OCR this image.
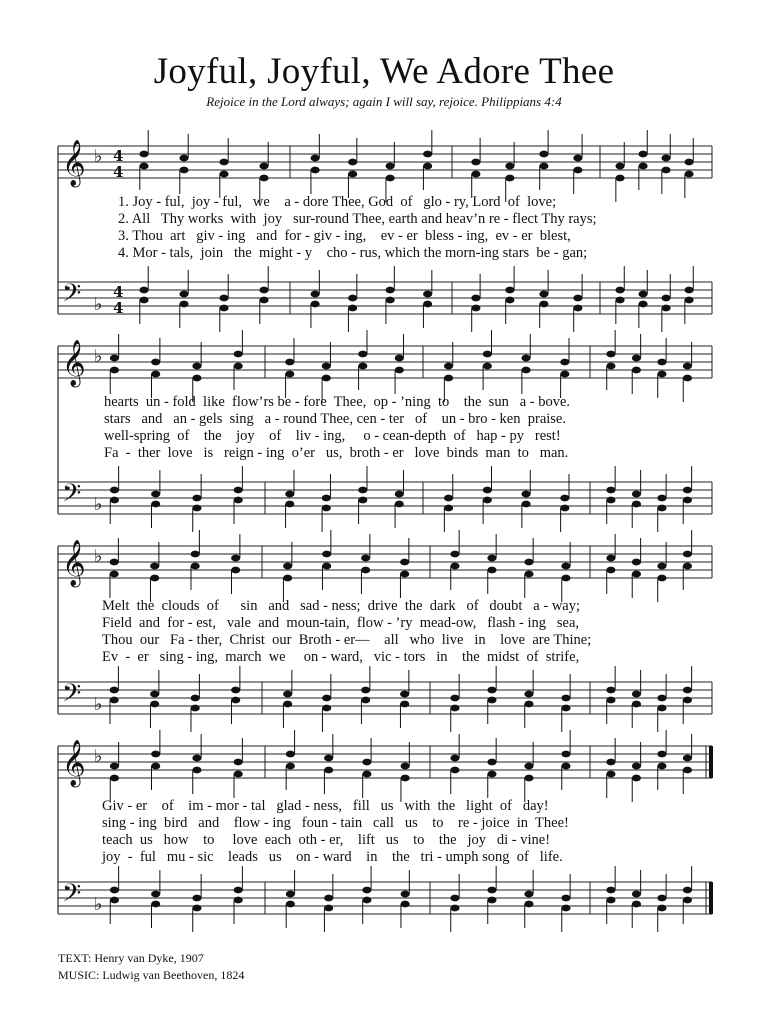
Joyful, Joyful, We Adore Thee
Rejoice in the Lord always; again I will say, rejoice. Philippians 4:4
𝄞 ♭ 4
4
𝄢 ♭
4
4
𝄞 ♭
𝄢 ♭
𝄞 ♭
𝄢 ♭
𝄞 ♭
𝄢 ♭
1. Joy - ful,  joy - ful,   we    a - dore Thee, God  of   glo - ry, Lord  of  love;
2. All   Thy works  with  joy   sur-round Thee, earth and heav’n re - flect Thy rays;
3. Thou  art   giv - ing   and  for - giv - ing,    ev - er  bless - ing,  ev - er  blest,
4. Mor - tals,  join   the  might - y    cho - rus, which the morn-ing stars  be - gan;
hearts  un - fold  like  flow’rs be - fore  Thee,  op - ’ning  to    the  sun   a - bove.
stars   and   an - gels  sing   a - round Thee, cen - ter   of    un - bro - ken  praise.
well-spring  of    the    joy    of    liv - ing,     o - cean-depth  of   hap - py   rest!
Fa  -  ther  love   is   reign - ing  o’er   us,  broth - er   love  binds  man  to   man.
Melt  the  clouds  of      sin   and   sad - ness;  drive  the  dark   of   doubt   a - way;
Field  and  for - est,   vale  and  moun-tain,  flow - ’ry  mead-ow,   flash - ing   sea,
Thou  our   Fa - ther,  Christ  our  Broth - er—    all   who  live   in    love  are Thine;
Ev  -  er   sing - ing,  march  we     on - ward,   vic - tors   in    the  midst  of  strife,
Giv - er    of    im - mor - tal   glad - ness,   fill   us   with  the   light  of   day!
sing - ing  bird   and    flow - ing   foun - tain   call   us    to    re - joice  in  Thee!
teach  us   how    to     love  each  oth - er,    lift   us    to    the   joy   di - vine!
joy  -  ful   mu - sic    leads   us    on - ward    in    the   tri - umph song  of   life.
TEXT: Henry van Dyke, 1907
MUSIC: Ludwig van Beethoven, 1824
